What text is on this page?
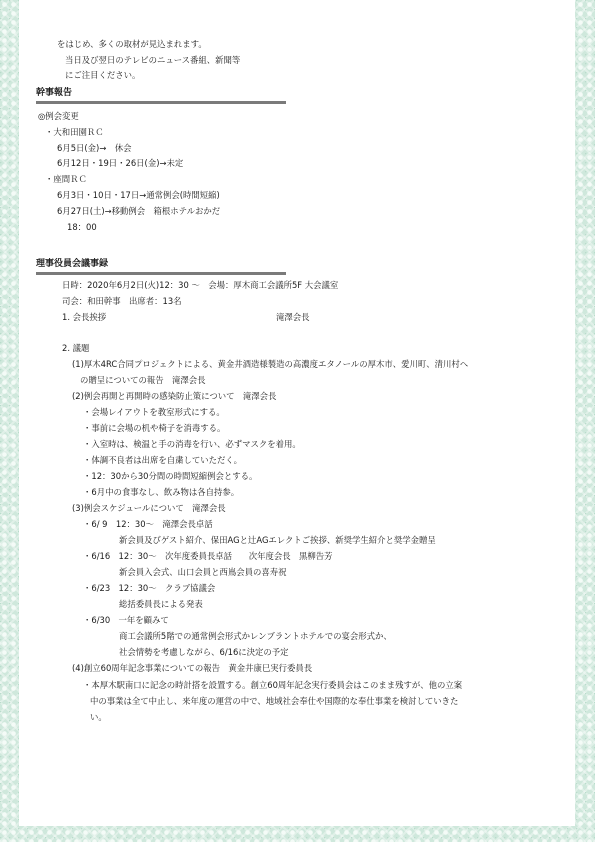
をはじめ、多くの取材が見込まれます。
当日及び翌日のテレビのニュース番組、新聞等
にご注目ください。
幹事報告
◎例会変更
・大和田園ＲＣ
6月5日(金)→　休会
6月12日・19日・26日(金)→未定
・座間ＲＣ
6月3日・10日・17日→通常例会(時間短縮)
6月27日(土)→移動例会　箱根ホテルおかだ
18：00
理事役員会議事録
日時：2020年6月2日(火)12：30 ～　会場：厚木商工会議所5F 大会議室
司会：和田幹事　出席者：13名
1. 会長挨拶	滝澤会長
2. 議題
(1)厚木4RC合同プロジェクトによる、黄金井酒造様製造の高濃度エタノールの厚木市、愛川町、清川村へ
の贈呈についての報告　滝澤会長
(2)例会再開と再開時の感染防止策について　滝澤会長
・会場レイアウトを教室形式にする。
・事前に会場の机や椅子を消毒する。
・入室時は、検温と手の消毒を行い、必ずマスクを着用。
・体調不良者は出席を自粛していただく。
・12：30から30分間の時間短縮例会とする。
・6月中の食事なし、飲み物は各自持参。
(3)例会スケジュールについて　滝澤会長
・6/ 9　12：30～　滝澤会長卓話
新会員及びゲスト紹介、保田AGと辻AGエレクトご挨拶、新奨学生紹介と奨学金贈呈
・6/16　12：30～　次年度委員長卓話　　次年度会長　黒柳告芳
新会員入会式、山口会員と西嶌会員の喜寿祝
・6/23　12：30～　クラブ協議会
総括委員長による発表
・6/30　一年を顧みて
商工会議所5階での通常例会形式かレンブラントホテルでの宴会形式か、
社会情勢を考慮しながら、6/16に決定の予定
(4)創立60周年記念事業についての報告　黄金井康巳実行委員長
・本厚木駅南口に記念の時計搭を設置する。創立60周年記念実行委員会はこのまま残すが、他の立案
中の事業は全て中止し、来年度の運営の中で、地域社会奉仕や国際的な奉仕事業を検討していきた
い。
